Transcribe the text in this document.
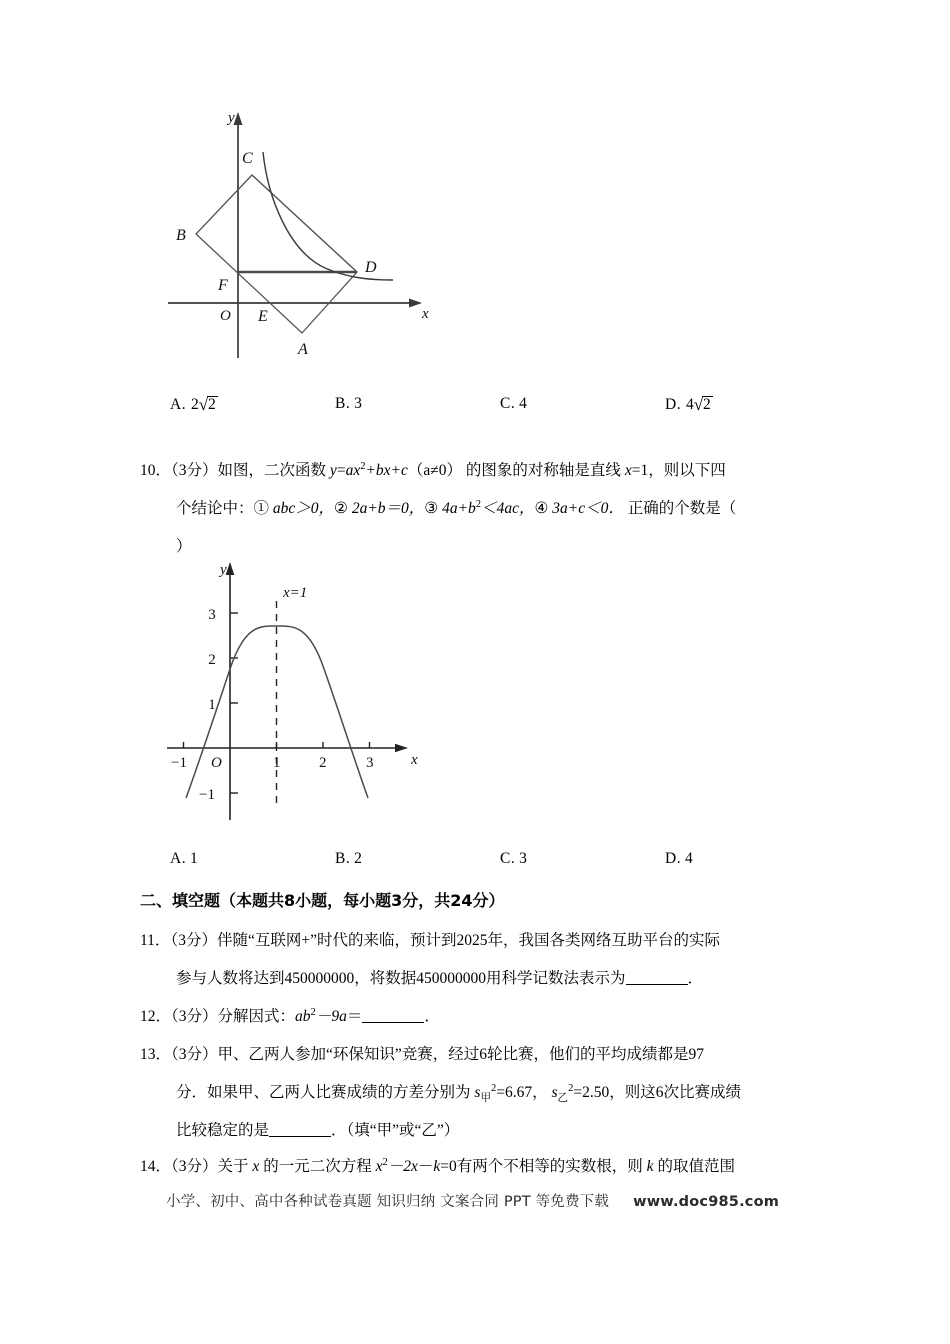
C
B
D
F
O E
A
y
x
A. 2√2	B. 3	C. 4	D. 4√2
10．（3分）如图，二次函数 $y=ax^2+bx+c(a\ne 0)$ 的图象的对称轴是直线 x=1，则以下四
个结论中：① abc＞0，② 2a+b＝0，③ $4a+b^2<4ac$，④ 3a+c＜0． 正确的个数是（
）
−1	1	2	3
3
2
1
−1
O
y
x
x=1
A. 1	B. 2	C. 3	D. 4
二、填空题（本题共8小题，每小题3分，共24分）
11．（3分）伴随“互联网+”时代的来临，预计到2025年，我国各类网络互助平台的实际
参与人数将达到450000000，将数据450000000用科学记数法表示为	．
12．（3分）分解因式：$ab^2-9a=$	．
13．（3分）甲、乙两人参加“环保知识”竞赛，经过6轮比赛，他们的平均成绩都是97
分．如果甲、乙两人比赛成绩的方差分别为 $s_甲^2=6.67$， $s_乙^2=2.50$，则这6次比赛成绩
比较稳定的是	．（填“甲”或“乙”）
14．（3分）关于 x 的一元二次方程 $x^2-2x-k=0$有两个不相等的实数根，则 k 的取值范围
小学、初中、高中各种试卷真题 知识归纳 文案合同 PPT 等免费下载 www.doc985.com
